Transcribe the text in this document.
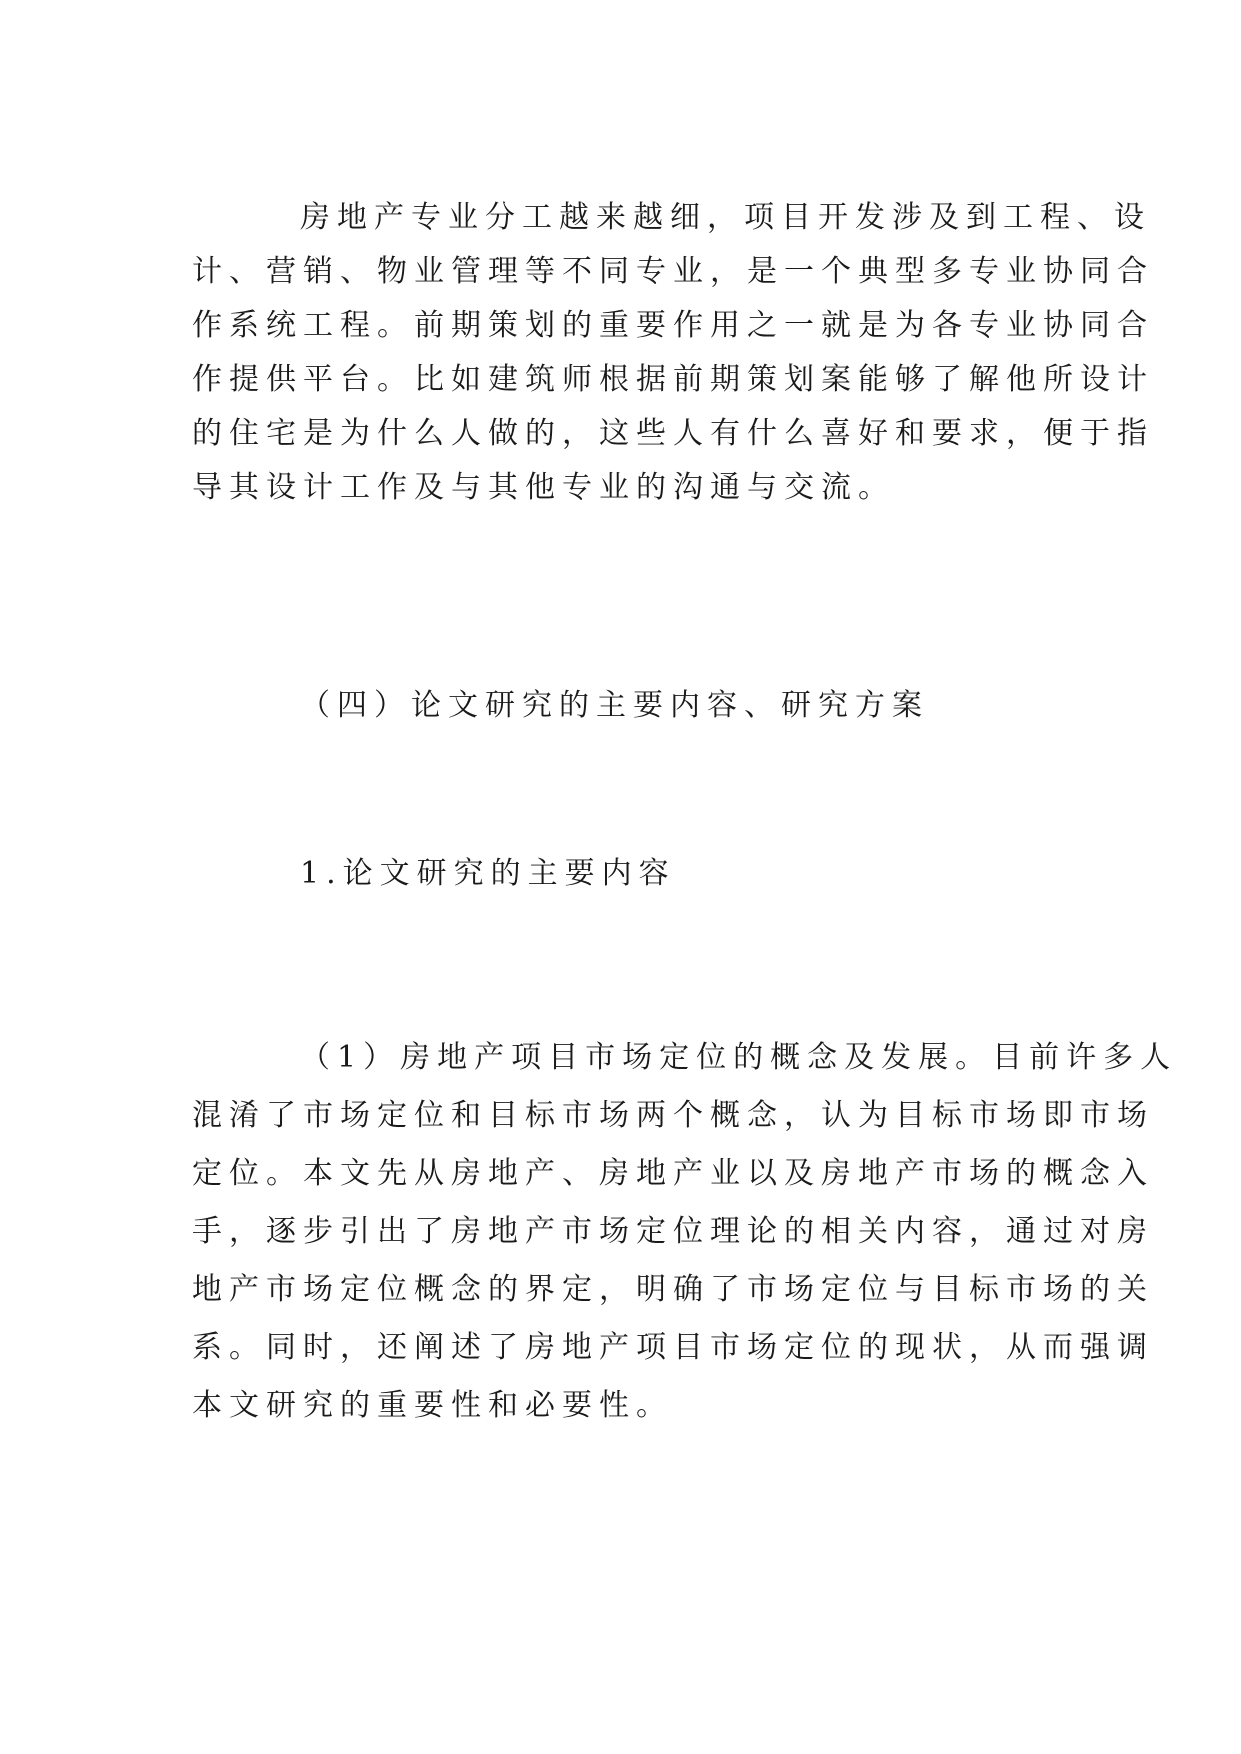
房地产专业分工越来越细，项目开发涉及到工程、设
计、营销、物业管理等不同专业，是一个典型多专业协同合
作系统工程。前期策划的重要作用之一就是为各专业协同合
作提供平台。比如建筑师根据前期策划案能够了解他所设计
的住宅是为什么人做的，这些人有什么喜好和要求，便于指
导其设计工作及与其他专业的沟通与交流。
（四）论文研究的主要内容、研究方案
1.论文研究的主要内容
（1）房地产项目市场定位的概念及发展。目前许多人
混淆了市场定位和目标市场两个概念，认为目标市场即市场
定位。本文先从房地产、房地产业以及房地产市场的概念入
手，逐步引出了房地产市场定位理论的相关内容，通过对房
地产市场定位概念的界定，明确了市场定位与目标市场的关
系。同时，还阐述了房地产项目市场定位的现状，从而强调
本文研究的重要性和必要性。
